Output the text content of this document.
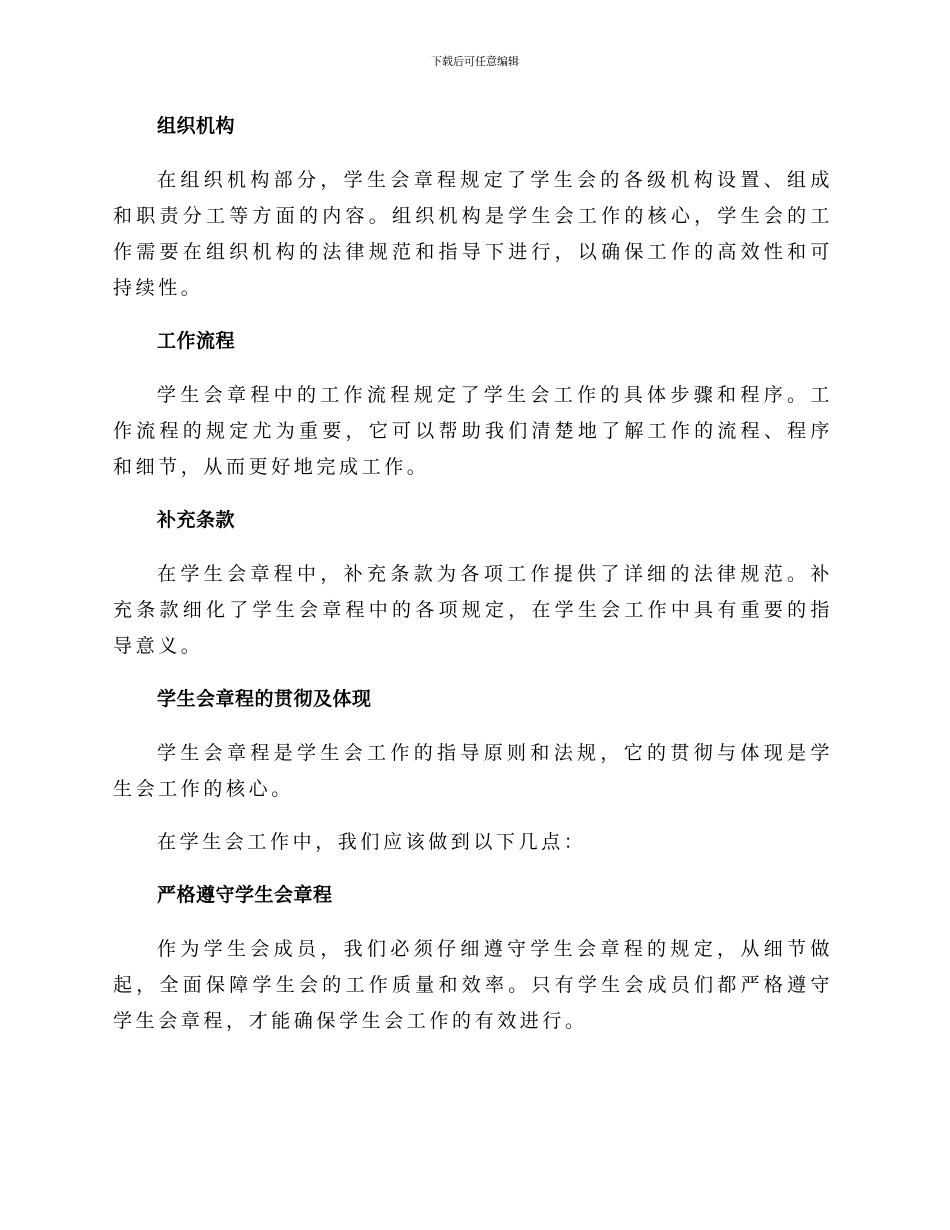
下载后可任意编辑
组织机构

在组织机构部分，学生会章程规定了学生会的各级机构设置、组成和职责分工等方面的内容。组织机构是学生会工作的核心，学生会的工作需要在组织机构的法律规范和指导下进行，以确保工作的高效性和可持续性。

工作流程

学生会章程中的工作流程规定了学生会工作的具体步骤和程序。工作流程的规定尤为重要，它可以帮助我们清楚地了解工作的流程、程序和细节，从而更好地完成工作。

补充条款

在学生会章程中，补充条款为各项工作提供了详细的法律规范。补充条款细化了学生会章程中的各项规定，在学生会工作中具有重要的指导意义。

学生会章程的贯彻及体现

学生会章程是学生会工作的指导原则和法规，它的贯彻与体现是学生会工作的核心。

在学生会工作中，我们应该做到以下几点：

严格遵守学生会章程

作为学生会成员，我们必须仔细遵守学生会章程的规定，从细节做起，全面保障学生会的工作质量和效率。只有学生会成员们都严格遵守学生会章程，才能确保学生会工作的有效进行。
